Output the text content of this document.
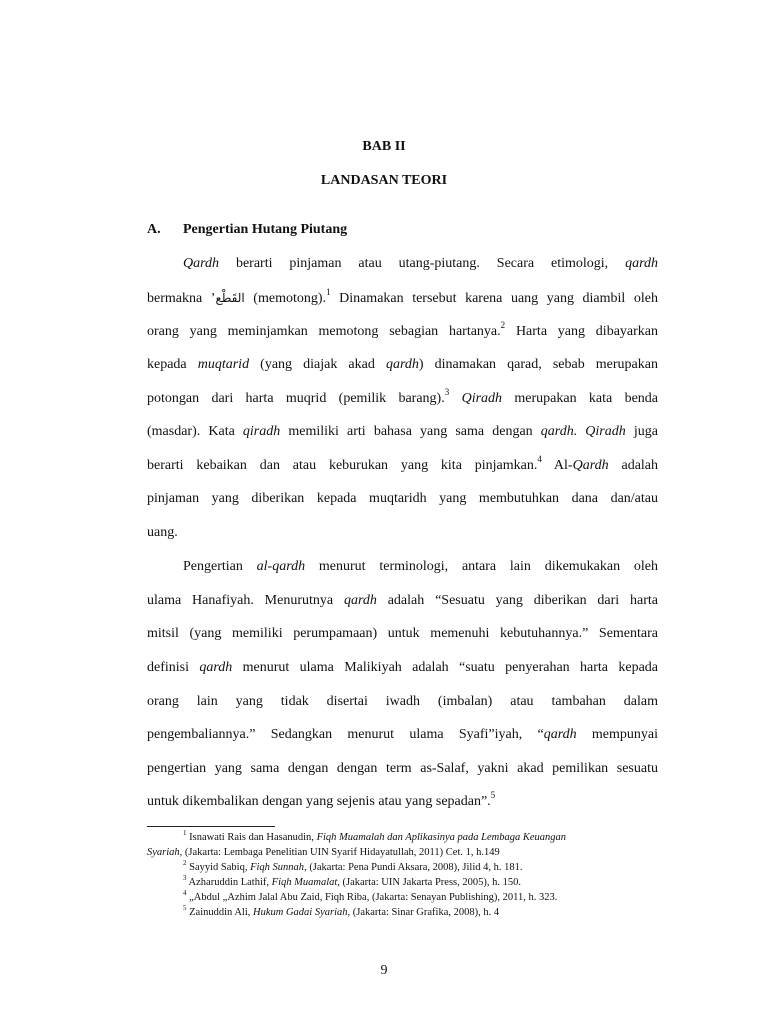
BAB II
LANDASAN TEORI
A. Pengertian Hutang Piutang
Qardh berarti pinjaman atau utang-piutang. Secara etimologi, qardh
bermakna ’القَطْع (memotong).$^1$ Dinamakan tersebut karena uang yang diambil oleh
orang yang meminjamkan memotong sebagian hartanya.$^2$ Harta yang dibayarkan
kepada muqtarid (yang diajak akad qardh) dinamakan qarad, sebab merupakan
potongan dari harta muqrid (pemilik barang).$^3$ Qiradh merupakan kata benda
(masdar). Kata qiradh memiliki arti bahasa yang sama dengan qardh. Qiradh juga
berarti kebaikan dan atau keburukan yang kita pinjamkan.$^4$ Al-Qardh adalah
pinjaman yang diberikan kepada muqtaridh yang membutuhkan dana dan/atau
uang.
Pengertian al-qardh menurut terminologi, antara lain dikemukakan oleh
ulama Hanafiyah. Menurutnya qardh adalah “Sesuatu yang diberikan dari harta
mitsil (yang memiliki perumpamaan) untuk memenuhi kebutuhannya.” Sementara
definisi qardh menurut ulama Malikiyah adalah “suatu penyerahan harta kepada
orang lain yang tidak disertai iwadh (imbalan) atau tambahan dalam
pengembaliannya.” Sedangkan menurut ulama Syafi”iyah, “qardh mempunyai
pengertian yang sama dengan dengan term as-Salaf, yakni akad pemilikan sesuatu
untuk dikembalikan dengan yang sejenis atau yang sepadan”.$^5$
$^1$ Isnawati Rais dan Hasanudin, Fiqh Muamalah dan Aplikasinya pada Lembaga Keuangan
Syariah, (Jakarta: Lembaga Penelitian UIN Syarif Hidayatullah, 2011) Cet. 1, h.149
$^2$ Sayyid Sabiq, Fiqh Sunnah, (Jakarta: Pena Pundi Aksara, 2008), Jilid 4, h. 181.
$^3$ Azharuddin Lathif, Fiqh Muamalat, (Jakarta: UIN Jakarta Press, 2005), h. 150.
$^4$ „Abdul „Azhim Jalal Abu Zaid, Fiqh Riba, (Jakarta: Senayan Publishing), 2011, h. 323.
$^5$ Zainuddin Ali, Hukum Gadai Syariah, (Jakarta: Sinar Grafika, 2008), h. 4
9
